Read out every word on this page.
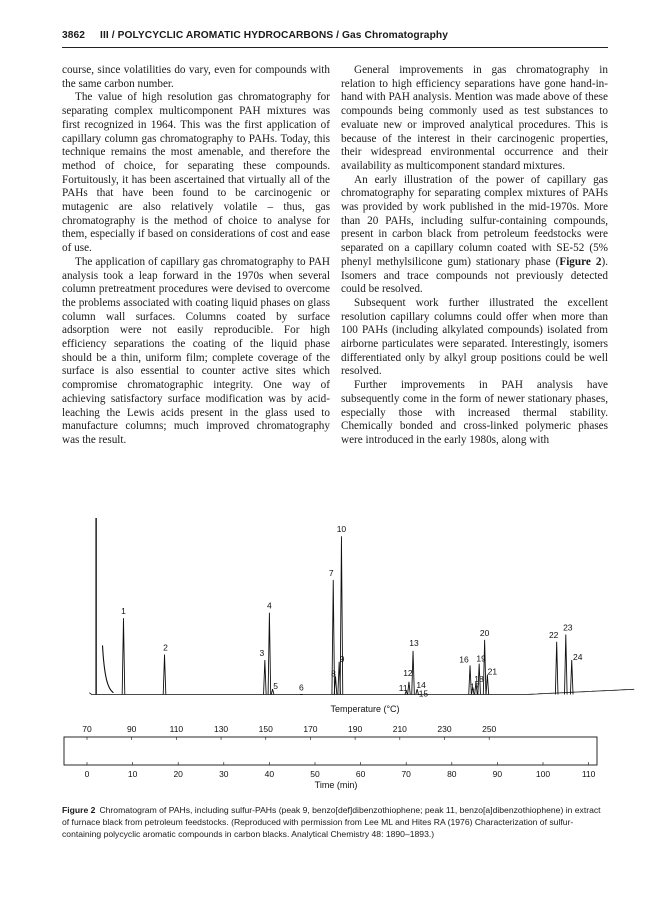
3862 III / POLYCYCLIC AROMATIC HYDROCARBONS / Gas Chromatography

course, since volatilities do vary, even for compounds with the same carbon number.

The value of high resolution gas chromatography for separating complex multicomponent PAH mixtures was first recognized in 1964. This was the first application of capillary column gas chromatography to PAHs. Today, this technique remains the most amenable, and therefore the method of choice, for separating these compounds. Fortuitously, it has been ascertained that virtually all of the PAHs that have been found to be carcinogenic or mutagenic are also relatively volatile – thus, gas chromatography is the method of choice to analyse for them, especially if based on considerations of cost and ease of use.

The application of capillary gas chromatography to PAH analysis took a leap forward in the 1970s when several column pretreatment procedures were devised to overcome the problems associated with coating liquid phases on glass column wall surfaces. Columns coated by surface adsorption were not easily reproducible. For high efficiency separations the coating of the liquid phase should be a thin, uniform film; complete coverage of the surface is also essential to counter active sites which compromise chromatographic integrity. One way of achieving satisfactory surface modification was by acid-leaching the Lewis acids present in the glass used to manufacture columns; much improved chromatography was the result.

General improvements in gas chromatography in relation to high efficiency separations have gone hand-in-hand with PAH analysis. Mention was made above of these compounds being commonly used as test substances to evaluate new or improved analytical procedures. This is because of the interest in their carcinogenic properties, their widespread environmental occurrence and their availability as multicomponent standard mixtures.

An early illustration of the power of capillary gas chromatography for separating complex mixtures of PAHs was provided by work published in the mid-1970s. More than 20 PAHs, including sulfur-containing compounds, present in carbon black from petroleum feedstocks were separated on a capillary column coated with SE-52 (5% phenyl methylsilicone gum) stationary phase (Figure 2). Isomers and trace compounds not previously detected could be resolved.

Subsequent work further illustrated the excellent resolution capillary columns could offer when more than 100 PAHs (including alkylated compounds) isolated from airborne particulates were separated. Interestingly, isomers differentiated only by alkyl group positions could be well resolved.

Further improvements in PAH analysis have subsequently come in the form of newer stationary phases, especially those with increased thermal stability. Chemically bonded and cross-linked polymeric phases were introduced in the early 1980s, along with

1
2
3
4
5 6
7
8
9
10
11
12
13
14
15
16
17
18
19
20
21
22
23
24
Temperature (°C)
70	90	110	130	150	170	190	210	230	250
0	10	20	30	40	50	60	70	80	90	100	110
Time (min)
Figure 2 Chromatogram of PAHs, including sulfur-PAHs (peak 9, benzo[def]dibenzothiophene; peak 11, benzo[a]dibenzothiophene) in extract of furnace black from petroleum feedstocks. (Reproduced with permission from Lee ML and Hites RA (1976) Characterization of sulfur-containing polycyclic aromatic compounds in carbon blacks. Analytical Chemistry 48: 1890–1893.)
